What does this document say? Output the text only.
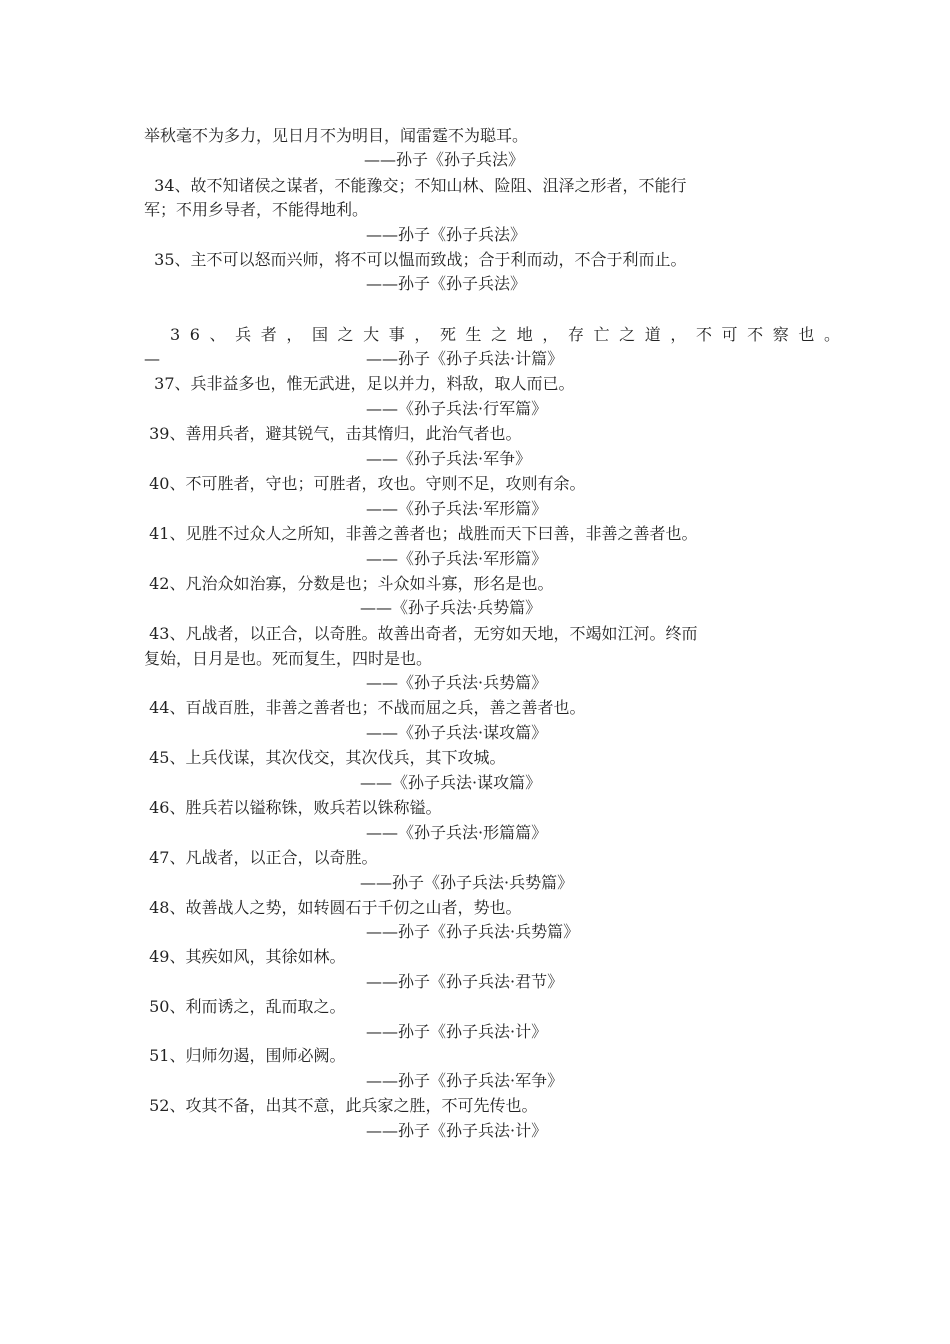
举秋毫不为多力，见日月不为明目，闻雷霆不为聪耳。
——孙子《孙子兵法》
34、故不知诸侯之谋者，不能豫交；不知山林、险阻、沮泽之形者，不能行
军；不用乡导者，不能得地利。
——孙子《孙子兵法》
35、主不可以怒而兴师，将不可以愠而致战；合于利而动，不合于利而止。
——孙子《孙子兵法》
36、兵者，国之大事，死生之地，存亡之道，不可不察也。
—	——孙子《孙子兵法·计篇》
37、兵非益多也，惟无武进，足以并力，料敌，取人而已。
——《孙子兵法·行军篇》
39、善用兵者，避其锐气，击其惰归，此治气者也。
——《孙子兵法·军争》
40、不可胜者，守也；可胜者，攻也。守则不足，攻则有余。
——《孙子兵法·军形篇》
41、见胜不过众人之所知，非善之善者也；战胜而天下曰善，非善之善者也。
——《孙子兵法·军形篇》
42、凡治众如治寡，分数是也；斗众如斗寡，形名是也。
——《孙子兵法·兵势篇》
43、凡战者，以正合，以奇胜。故善出奇者，无穷如天地，不竭如江河。终而
复始，日月是也。死而复生，四时是也。
——《孙子兵法·兵势篇》
44、百战百胜，非善之善者也；不战而屈之兵，善之善者也。
——《孙子兵法·谋攻篇》
45、上兵伐谋，其次伐交，其次伐兵，其下攻城。
——《孙子兵法·谋攻篇》
46、胜兵若以镒称铢，败兵若以铢称镒。
——《孙子兵法·形篇篇》
47、凡战者，以正合，以奇胜。
——孙子《孙子兵法·兵势篇》
48、故善战人之势，如转圆石于千仞之山者，势也。
——孙子《孙子兵法·兵势篇》
49、其疾如风，其徐如林。
——孙子《孙子兵法·君节》
50、利而诱之，乱而取之。
——孙子《孙子兵法·计》
51、归师勿遏，围师必阙。
——孙子《孙子兵法·军争》
52、攻其不备，出其不意，此兵家之胜，不可先传也。
——孙子《孙子兵法·计》
